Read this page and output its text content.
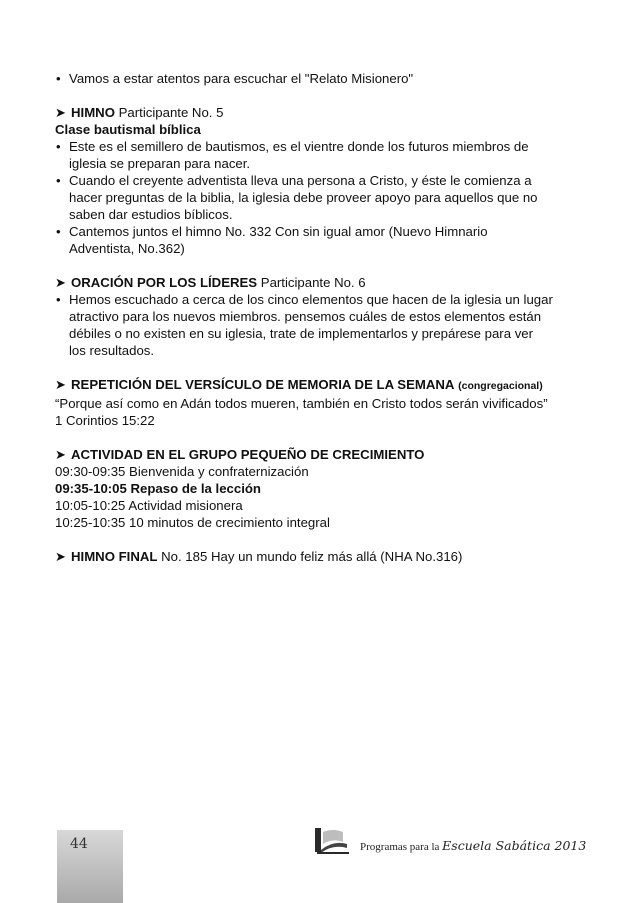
• Vamos a estar atentos para escuchar el "Relato Misionero"
➤ HIMNO Participante No. 5
Clase bautismal bíblica
• Este es el semillero de bautismos, es el vientre donde los futuros miembros de
iglesia se preparan para nacer.
• Cuando el creyente adventista lleva una persona a Cristo, y éste le comienza a
hacer preguntas de la biblia, la iglesia debe proveer apoyo para aquellos que no
saben dar estudios bíblicos.
• Cantemos juntos el himno No. 332 Con sin igual amor (Nuevo Himnario
Adventista, No.362)
➤ ORACIÓN POR LOS LÍDERES Participante No. 6
• Hemos escuchado a cerca de los cinco elementos que hacen de la iglesia un lugar
atractivo para los nuevos miembros. pensemos cuáles de estos elementos están
débiles o no existen en su iglesia, trate de implementarlos y prepárese para ver
los resultados.
➤ REPETICIÓN DEL VERSÍCULO DE MEMORIA DE LA SEMANA (congregacional)
“Porque así como en Adán todos mueren, también en Cristo todos serán vivificados”
1 Corintios 15:22
➤ ACTIVIDAD EN EL GRUPO PEQUEÑO DE CRECIMIENTO
09:30-09:35 Bienvenida y confraternización
09:35-10:05 Repaso de la lección
10:05-10:25 Actividad misionera
10:25-10:35 10 minutos de crecimiento integral
➤ HIMNO FINAL No. 185 Hay un mundo feliz más allá (NHA No.316)
44	Programas para la Escuela Sabática 2013
